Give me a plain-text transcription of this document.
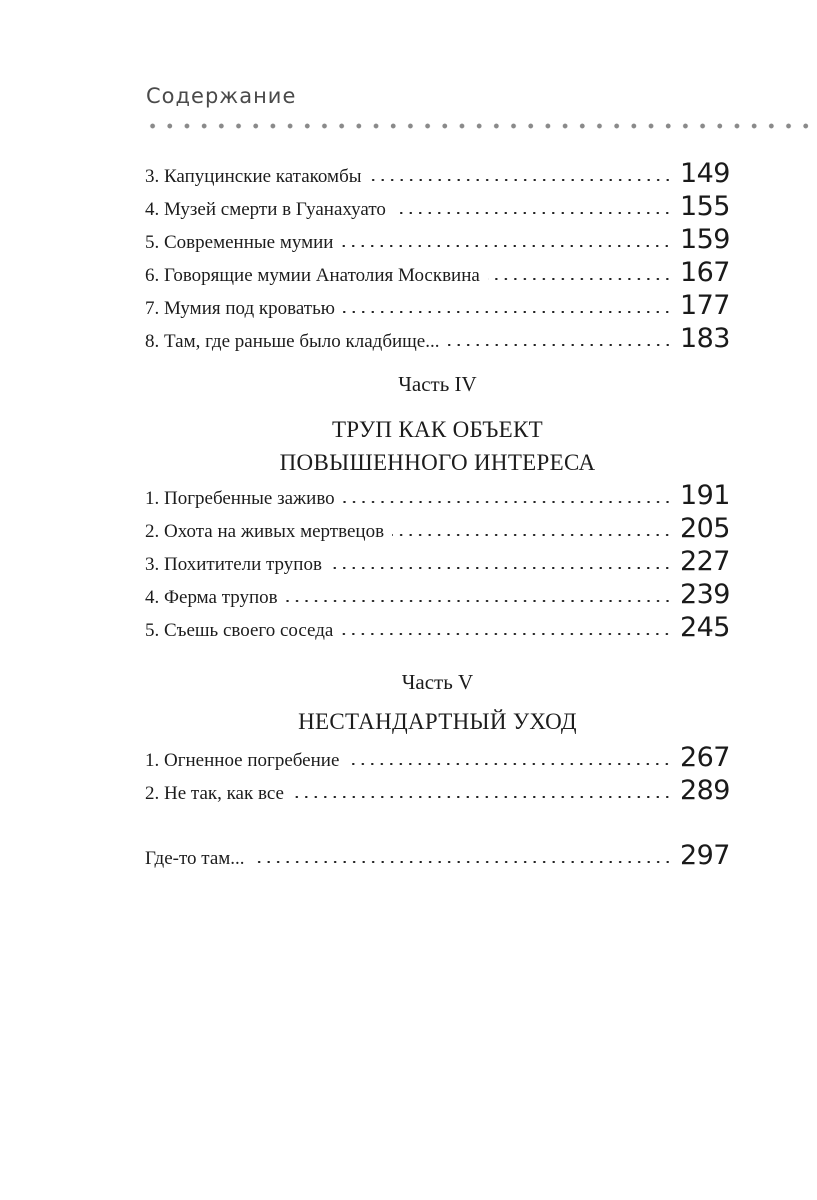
Содержание
3. Капуцинские катакомбы	149
4. Музей смерти в Гуанахуато	155
5. Современные мумии	159
6. Говорящие мумии Анатолия Москвина	167
7. Мумия под кроватью	177
8. Там, где раньше было кладбище...	183
Часть IV
ТРУП КАК ОБЪЕКТ
ПОВЫШЕННОГО ИНТЕРЕСА
1. Погребенные заживо	191
2. Охота на живых мертвецов	205
3. Похитители трупов	227
4. Ферма трупов	239
5. Съешь своего соседа	245
Часть V
НЕСТАНДАРТНЫЙ УХОД
1. Огненное погребение	267
2. Не так, как все	289
Где-то там...	297
